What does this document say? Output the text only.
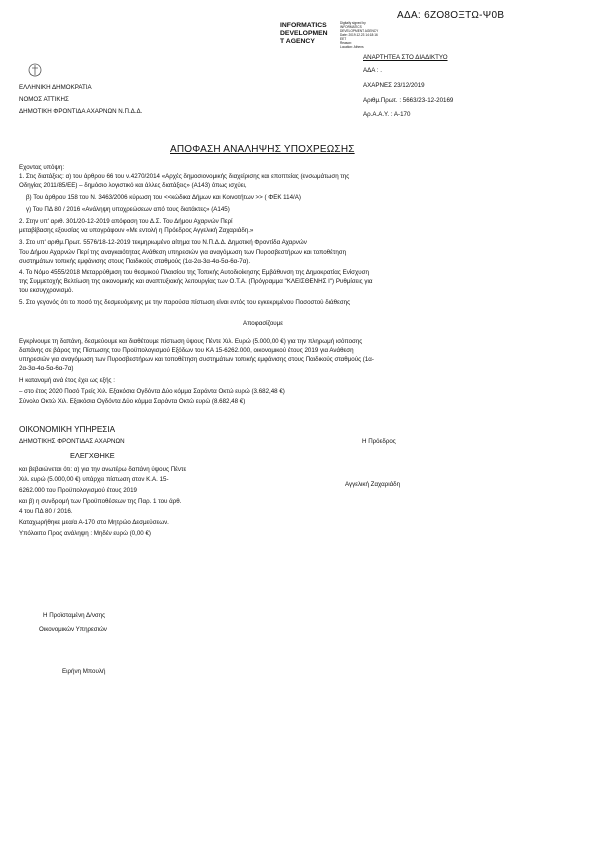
ΑΔΑ: 6ΖΟ8ΟΞΤΩ-Ψ0Β
INFORMATICS
DEVELOPMEN
T AGENCY
Digitally signed by
INFORMATICS
DEVELOPMENT AGENCY
Date: 2019.12.23 14:18:16
EET
Reason:
Location: Athens
ΑΝΑΡΤΗΤΕΑ ΣΤΟ ΔΙΑΔΙΚΤΥΟ
ΕΛΛΗΝΙΚΗ ΔΗΜΟΚΡΑΤΙΑ
ΝΟΜΟΣ ΑΤΤΙΚΗΣ
ΔΗΜΟΤΙΚΗ ΦΡΟΝΤΙΔΑ ΑΧΑΡΝΩΝ Ν.Π.Δ.Δ.
ΑΔΑ : .
ΑΧΑΡΝΕΣ 23/12/2019
Αριθμ.Πρωτ. : 5663/23-12-20169
Αρ.Α.Α.Υ. : Α-170
ΑΠΟΦΑΣΗ ΑΝΑΛΗΨΗΣ ΥΠΟΧΡΕΩΣΗΣ
Εχοντας υπόψη:
1. Στις διατάξεις: α) του άρθρου 66 του ν.4270/2014 «Αρχές δημοσιονομικής διαχείρισης και εποπτείας (ενσωμάτωση της
Οδηγίας 2011/85/ΕΕ) – δημόσιο λογιστικό και άλλες διατάξεις» (Α143) όπως ισχύει,
β) Του άρθρου 158 του Ν. 3463/2006 κύρωση του <<κώδικα Δήμων και Κοινοτήτων >> ( ΦΕΚ 114/Α)
γ) Του ΠΔ 80 / 2016 «Ανάληψη υποχρεώσεων από τους διατάκτες» (Α145)
2. Στην υπ' αριθ. 301/20-12-2019 απόφαση του Δ.Σ. Του Δήμου Αχαρνών Περί
μεταβίβασης εξουσίας να υπογράφουν «Με εντολή η Πρόεδρος Αγγελική Ζαχαριάδη.»
3. Στο υπ' αριθμ.Πρωτ. 5576/18-12-2019 τεκμηριωμένο αίτημα του Ν.Π.Δ.Δ. Δημοτική Φροντίδα Αχαρνών
Του Δήμου Αχαρνών Περί της αναγκαιότητας Ανάθεση υπηρεσιών για αναγόμωση των Πυροσβεστήρων και τοποθέτηση
συστημάτων τοπικής εμφάνισης στους Παιδικούς σταθμούς (1α-2α-3α-4α-5α-6α-7α).
4. Το Νόμο 4555/2018 Μεταρρύθμιση του θεσμικού Πλαισίου της Τοπικής Αυτοδιοίκησης Εμβάθυνση της Δημοκρατίας Ενίσχυση
της Συμμετοχής Βελτίωση της οικονομικής και αναπτυξιακής λειτουργίας των Ο.Τ.Α. (Πρόγραμμα "ΚΛΕΙΣΘΕΝΗΣ Ι") Ρυθμίσεις για
του εκσυγχρονισμό.
5. Στο γεγονός ότι το ποσό της δεσμευόμενης με την παρούσα πίστωση είναι εντός του εγκεκριμένου Ποσοστού διάθεσης
Αποφασίζουμε
Εγκρίνουμε τη δαπάνη, δεσμεύουμε και διαθέτουμε πίστωση ύψους Πέντε Χιλ. Ευρώ (5.000,00 €) για την πληρωμή ισόποσης
δαπάνης σε βάρος της Πίστωσης του Προϋπολογισμού Εξόδων του ΚΑ 15-6262.000, οικονομικού έτους 2019 για Ανάθεση
υπηρεσιών για αναγόμωση των Πυροσβεστήρων και τοποθέτηση συστημάτων τοπικής εμφάνισης στους Παιδικούς σταθμούς (1α-
2α-3α-4α-5α-6α-7α)
Η κατανομή ανά έτος έχει ως εξής :
– στο έτος 2020 Ποσό Τρείς Χιλ. Εξακόσια Ογδόντα Δύο κόμμα Σαράντα Οκτώ ευρώ (3.682,48 €)
Σύνολο Οκτώ Χιλ. Εξακόσια Ογδόντα Δύο κόμμα Σαράντα Οκτώ ευρώ (8.682,48 €)
ΟΙΚΟΝΟΜΙΚΗ ΥΠΗΡΕΣΙΑ
ΔΗΜΟΤΙΚΗΣ ΦΡΟΝΤΙΔΑΣ ΑΧΑΡΝΩΝ
ΕΛΕΓΧΘΗΚΕ
και βεβαιώνεται ότι: α) για την ανωτέρω δαπάνη ύψους Πέντε
Χιλ. ευρώ (5.000,00 €) υπάρχει πίστωση στον Κ.Α. 15-
6262.000 του Προϋπολογισμού έτους 2019
και β) η συνδρομή των Προϋποθέσεων της Παρ. 1 του άρθ.
4 του ΠΔ 80 / 2016.
Καταχωρήθηκε μεα/α Α-170 στο Μητρώο Δεσμεύσεων.
Υπόλοιπο Προς ανάληψη : Μηδέν ευρώ (0,00 €)
Η Πρόεδρος
Αγγελική Ζαχαριάδη
Η Προϊσταμένη Δ/νσης
Οικονομικών Υπηρεσιών
Ειρήνη Μπουλή
